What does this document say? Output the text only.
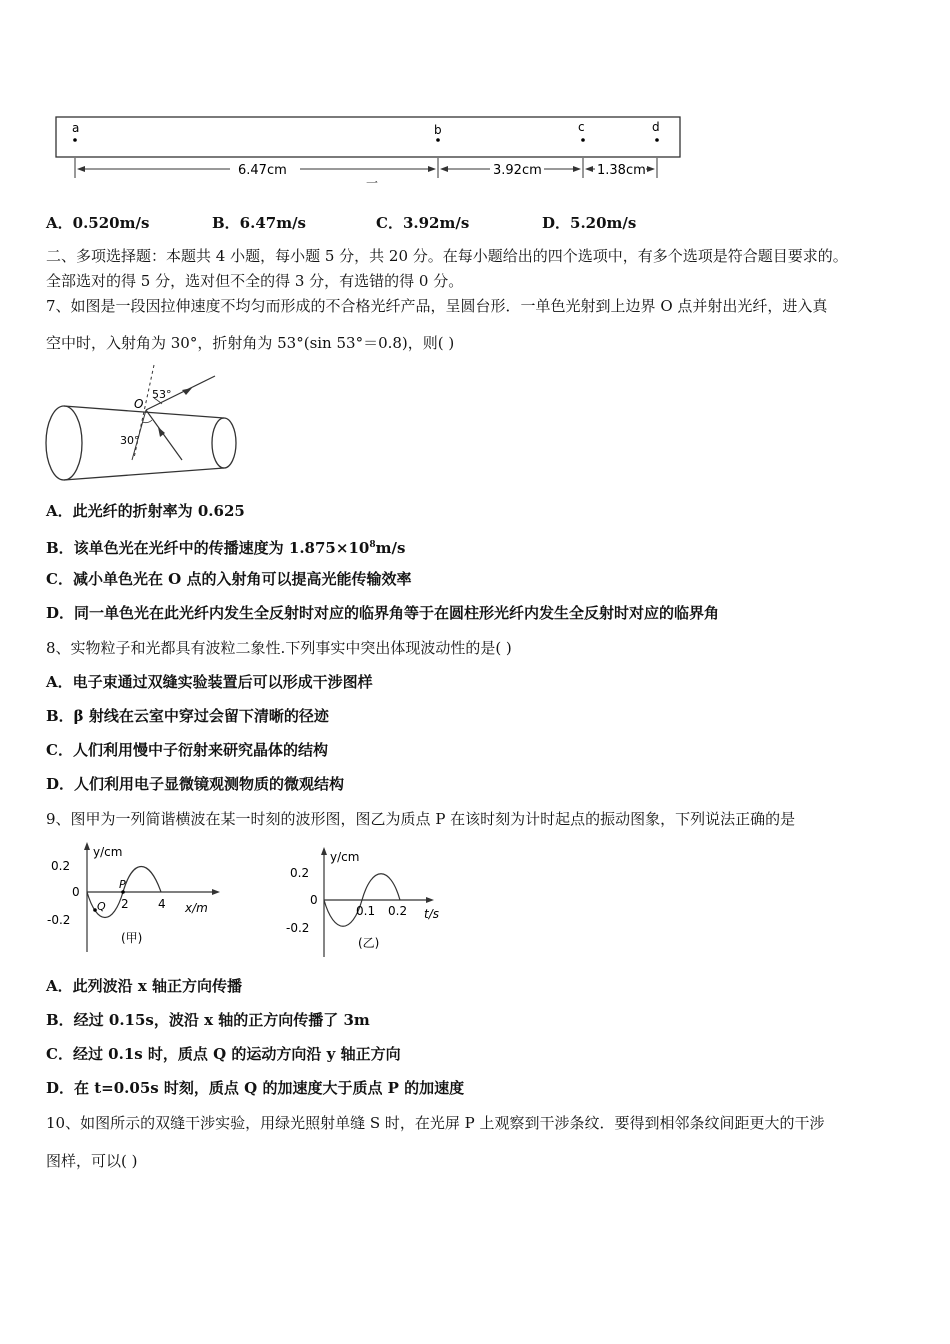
a	b	c	d
6.47cm	3.92cm	1.38cm
一
A．0.520m/s	B．6.47m/s	C．3.92m/s	D．5.20m/s
二、多项选择题：本题共 4 小题，每小题 5 分，共 20 分。在每小题给出的四个选项中，有多个选项是符合题目要求的。
全部选对的得 5 分，选对但不全的得 3 分，有选错的得 0 分。
7、如图是一段因拉伸速度不均匀而形成的不合格光纤产品，呈圆台形．一单色光射到上边界 O 点并射出光纤，进入真
空中时，入射角为 30°，折射角为 53°(sin 53°＝0.8)，则( )
O
53°
30°
A．此光纤的折射率为 0.625
B．该单色光在光纤中的传播速度为 $1.875\times 10^8m/s$
C．减小单色光在 O 点的入射角可以提高光能传输效率
D．同一单色光在此光纤内发生全反射时对应的临界角等于在圆柱形光纤内发生全反射时对应的临界角
8、实物粒子和光都具有波粒二象性.下列事实中突出体现波动性的是( )
A．电子束通过双缝实验装置后可以形成干涉图样
B．β 射线在云室中穿过会留下清晰的径迹
C．人们利用慢中子衍射来研究晶体的结构
D．人们利用电子显微镜观测物质的微观结构
9、图甲为一列简谐横波在某一时刻的波形图，图乙为质点 P 在该时刻为计时起点的振动图象，下列说法正确的是
y/cm
0.2
0
-0.2
P
Q 2 4 x/m
(甲)
y/cm
0.2
0
-0.2
0.1 0.2 t/s
(乙)
A．此列波沿 x 轴正方向传播
B．经过 0.15s，波沿 x 轴的正方向传播了 3m
C．经过 0.1s 时，质点 Q 的运动方向沿 y 轴正方向
D．在 t=0.05s 时刻，质点 Q 的加速度大于质点 P 的加速度
10、如图所示的双缝干涉实验，用绿光照射单缝 S 时，在光屏 P 上观察到干涉条纹．要得到相邻条纹间距更大的干涉
图样，可以( )
